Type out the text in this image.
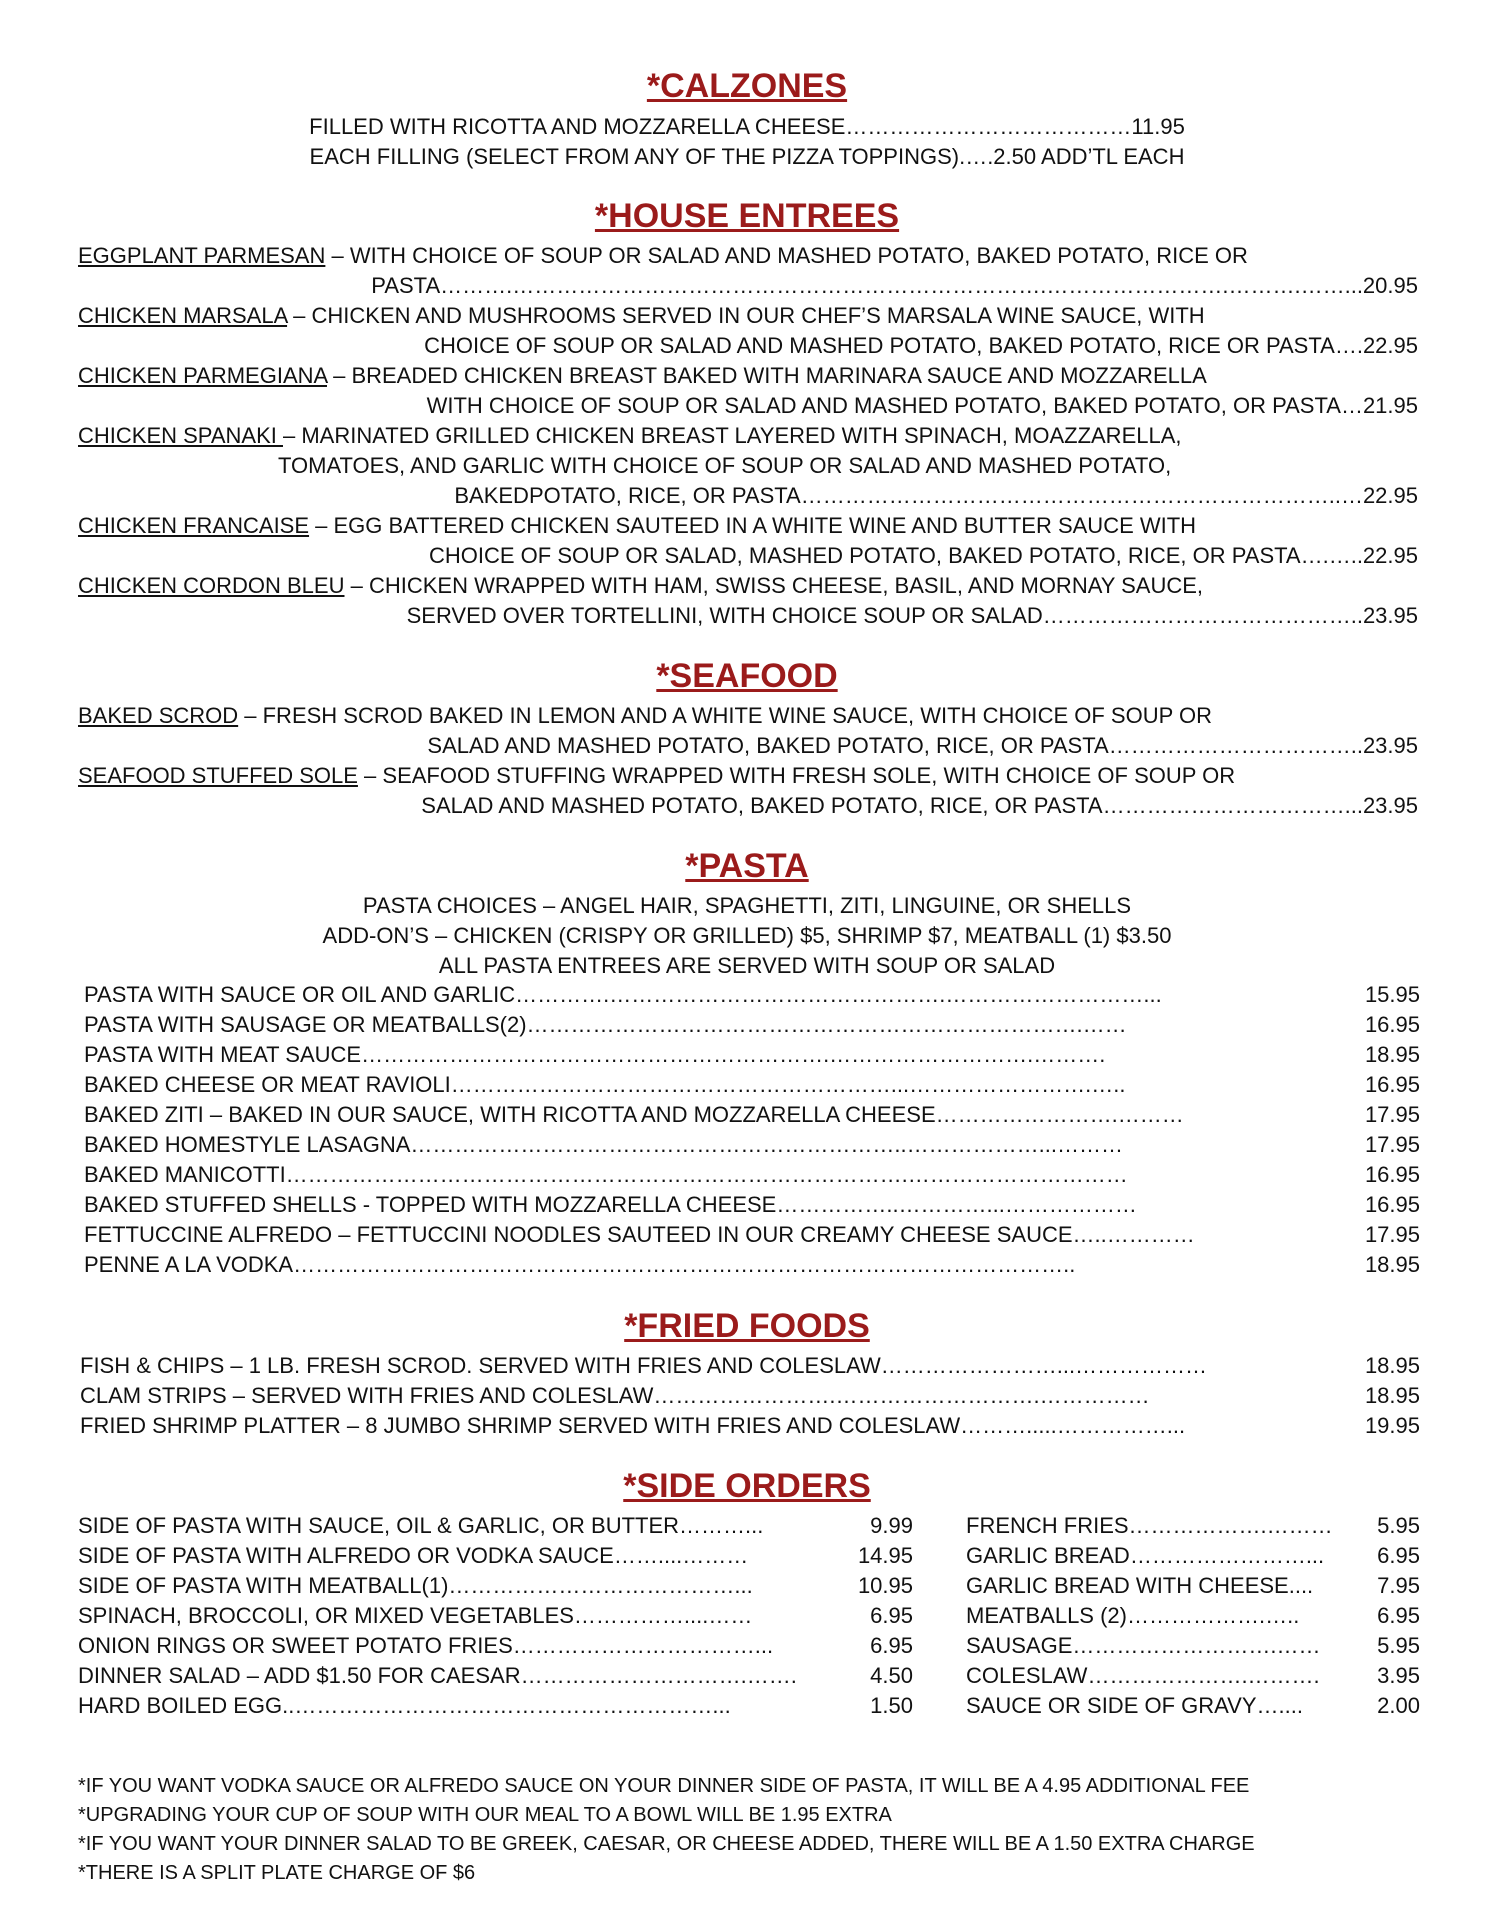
*CALZONES
FILLED WITH RICOTTA AND MOZZARELLA CHEESE…………………………………11.95
EACH FILLING (SELECT FROM ANY OF THE PIZZA TOPPINGS).….2.50 ADD’TL EACH
*HOUSE ENTREES
EGGPLANT PARMESAN – WITH CHOICE OF SOUP OR SALAD AND MASHED POTATO, BAKED POTATO, RICE OR
PASTA……….……………………………………………………………….…………………….……….……...20.95
CHICKEN MARSALA – CHICKEN AND MUSHROOMS SERVED IN OUR CHEF’S MARSALA WINE SAUCE, WITH
CHOICE OF SOUP OR SALAD AND MASHED POTATO, BAKED POTATO, RICE OR PASTA….22.95
CHICKEN PARMEGIANA – BREADED CHICKEN BREAST BAKED WITH MARINARA SAUCE AND MOZZARELLA
WITH CHOICE OF SOUP OR SALAD AND MASHED POTATO, BAKED POTATO, OR PASTA…21.95
CHICKEN SPANAKI – MARINATED GRILLED CHICKEN BREAST LAYERED WITH SPINACH, MOAZZARELLA,
TOMATOES, AND GARLIC WITH CHOICE OF SOUP OR SALAD AND MASHED POTATO,
BAKEDPOTATO, RICE, OR PASTA………………………………………………………………..…22.95
CHICKEN FRANCAISE – EGG BATTERED CHICKEN SAUTEED IN A WHITE WINE AND BUTTER SAUCE WITH
CHOICE OF SOUP OR SALAD, MASHED POTATO, BAKED POTATO, RICE, OR PASTA….…..22.95
CHICKEN CORDON BLEU – CHICKEN WRAPPED WITH HAM, SWISS CHEESE, BASIL, AND MORNAY SAUCE,
SERVED OVER TORTELLINI, WITH CHOICE SOUP OR SALAD……………………………………..23.95
*SEAFOOD
BAKED SCROD – FRESH SCROD BAKED IN LEMON AND A WHITE WINE SAUCE, WITH CHOICE OF SOUP OR
SALAD AND MASHED POTATO, BAKED POTATO, RICE, OR PASTA……………………………..23.95
SEAFOOD STUFFED SOLE – SEAFOOD STUFFING WRAPPED WITH FRESH SOLE, WITH CHOICE OF SOUP OR
SALAD AND MASHED POTATO, BAKED POTATO, RICE, OR PASTA……………………………...23.95
*PASTA
PASTA CHOICES – ANGEL HAIR, SPAGHETTI, ZITI, LINGUINE, OR SHELLS
ADD-ON’S – CHICKEN (CRISPY OR GRILLED) $5, SHRIMP $7, MEATBALL (1) $3.50
ALL PASTA ENTREES ARE SERVED WITH SOUP OR SALAD
PASTA WITH SAUCE OR OIL AND GARLIC………….……………………………………….………………………...	15.95
PASTA WITH SAUSAGE OR MEATBALLS(2)………………………………………………………………….……	16.95
PASTA WITH MEAT SAUCE……………………………………………………….……………………….……….	18.95
BAKED CHEESE OR MEAT RAVIOLI……………………………………………………...…………………….…..	16.95
BAKED ZITI – BAKED IN OUR SAUCE, WITH RICOTTA AND MOZZARELLA CHEESE…………………….………	17.95
BAKED HOMESTYLE LASAGNA…………………………………………………………..………………...………	17.95
BAKED MANICOTTI………………………………………………………………………….…………………………	16.95
BAKED STUFFED SHELLS - TOPPED WITH MOZZARELLA CHEESE……………..…………...………………	16.95
FETTUCCINE ALFREDO – FETTUCCINI NOODLES SAUTEED IN OUR CREAMY CHEESE SAUCE…..…………	17.95
PENNE A LA VODKA……………………………………………………………………………………………..	18.95
*FRIED FOODS
FISH & CHIPS – 1 LB. FRESH SCROD. SERVED WITH FRIES AND COLESLAW……………………...………………	18.95
CLAM STRIPS – SERVED WITH FRIES AND COLESLAW…………………….……………………….……………	18.95
FRIED SHRIMP PLATTER – 8 JUMBO SHRIMP SERVED WITH FRIES AND COLESLAW……….....……………...	19.95
*SIDE ORDERS
SIDE OF PASTA WITH SAUCE, OIL & GARLIC, OR BUTTER………...	9.99
SIDE OF PASTA WITH ALFREDO OR VODKA SAUCE……....………	14.95
SIDE OF PASTA WITH MEATBALL(1)…………………………………...	10.95
SPINACH, BROCCOLI, OR MIXED VEGETABLES……………....……	6.95
ONION RINGS OR SWEET POTATO FRIES……………………………...	6.95
DINNER SALAD – ADD $1.50 FOR CAESAR………………………….…….	4.50
HARD BOILED EGG..…………………………………………………...	1.50
FRENCH FRIES……………….……… 5.95
GARLIC BREAD……………………... 6.95
GARLIC BREAD WITH CHEESE....	7.95
MEATBALLS (2)……………….…..	6.95
SAUSAGE……………………….……	5.95
COLESLAW………………….……….	3.95
SAUCE OR SIDE OF GRAVY…....	2.00
*IF YOU WANT VODKA SAUCE OR ALFREDO SAUCE ON YOUR DINNER SIDE OF PASTA, IT WILL BE A 4.95 ADDITIONAL FEE
*UPGRADING YOUR CUP OF SOUP WITH OUR MEAL TO A BOWL WILL BE 1.95 EXTRA
*IF YOU WANT YOUR DINNER SALAD TO BE GREEK, CAESAR, OR CHEESE ADDED, THERE WILL BE A 1.50 EXTRA CHARGE
*THERE IS A SPLIT PLATE CHARGE OF $6
